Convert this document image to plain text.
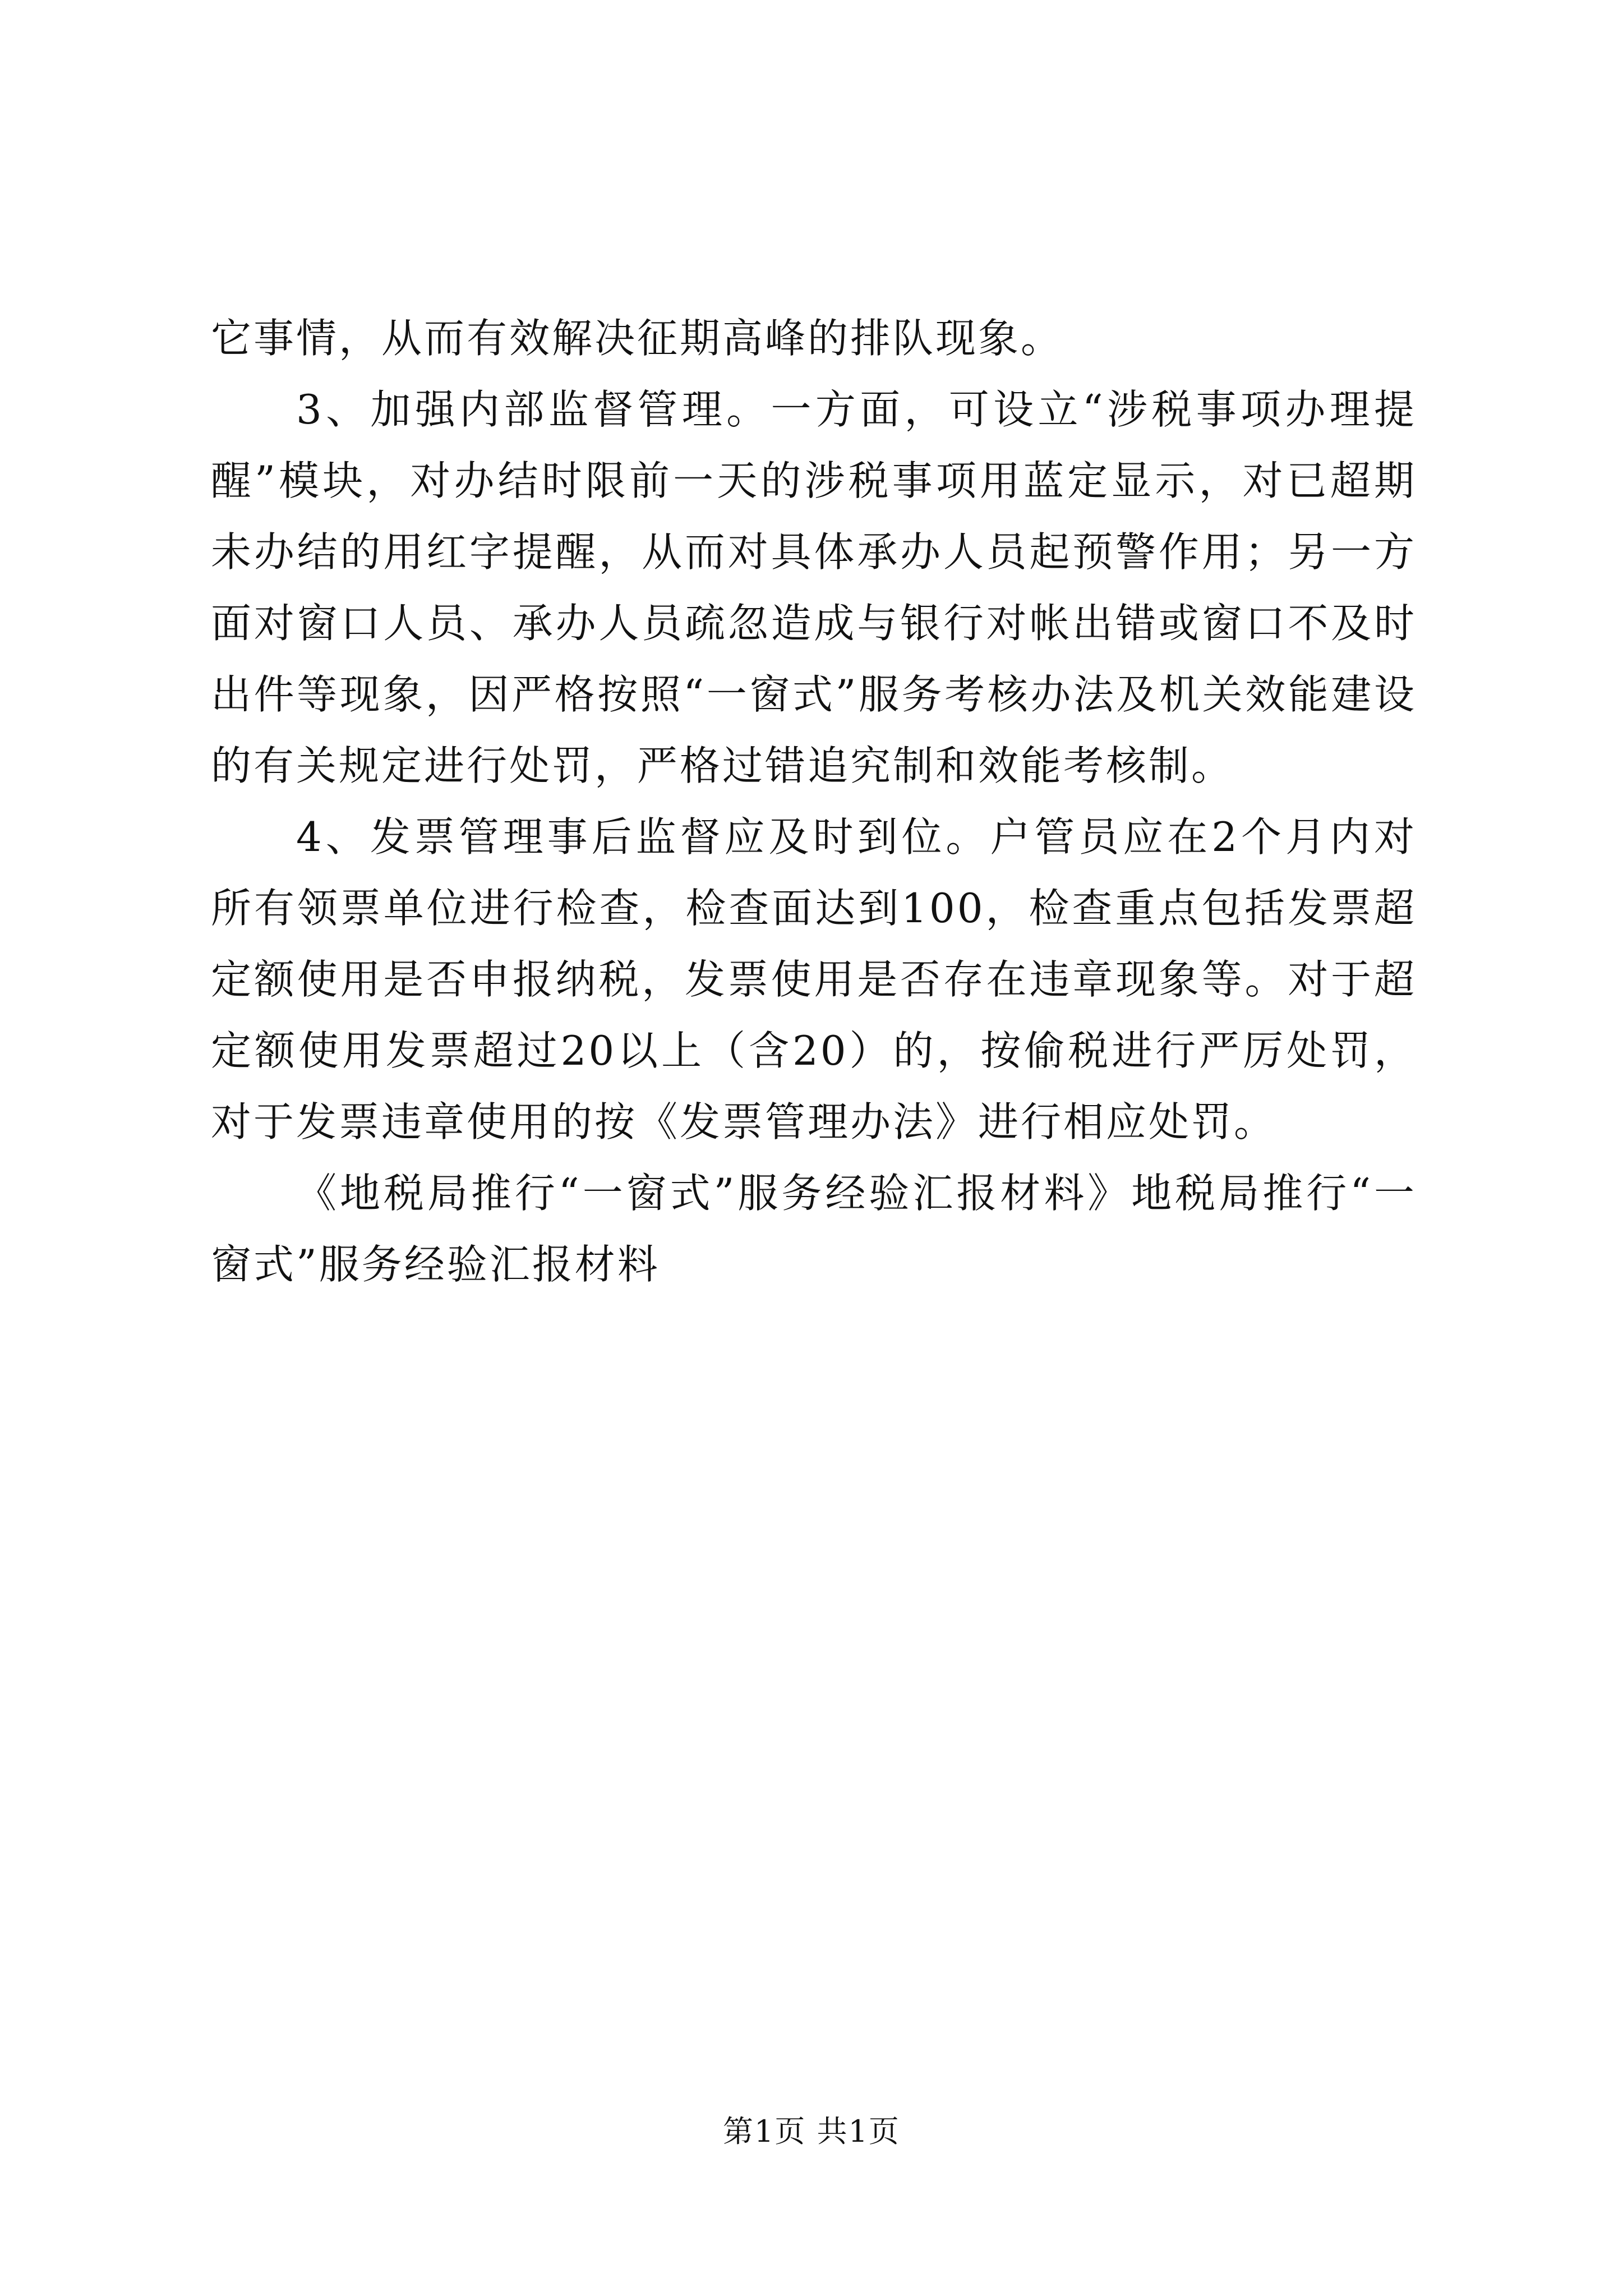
它事情，从而有效解决征期高峰的排队现象。

3、加强内部监督管理。一方面，可设立“涉税事项办理提醒”模块，对办结时限前一天的涉税事项用蓝定显示，对已超期未办结的用红字提醒，从而对具体承办人员起预警作用；另一方面对窗口人员、承办人员疏忽造成与银行对帐出错或窗口不及时出件等现象，因严格按照“一窗式”服务考核办法及机关效能建设的有关规定进行处罚，严格过错追究制和效能考核制。

4、发票管理事后监督应及时到位。户管员应在2个月内对所有领票单位进行检查，检查面达到100，检查重点包括发票超定额使用是否申报纳税，发票使用是否存在违章现象等。对于超定额使用发票超过20以上（含20）的，按偷税进行严厉处罚，对于发票违章使用的按《发票管理办法》进行相应处罚。

《地税局推行“一窗式”服务经验汇报材料》地税局推行“一窗式”服务经验汇报材料

第1页 共1页
